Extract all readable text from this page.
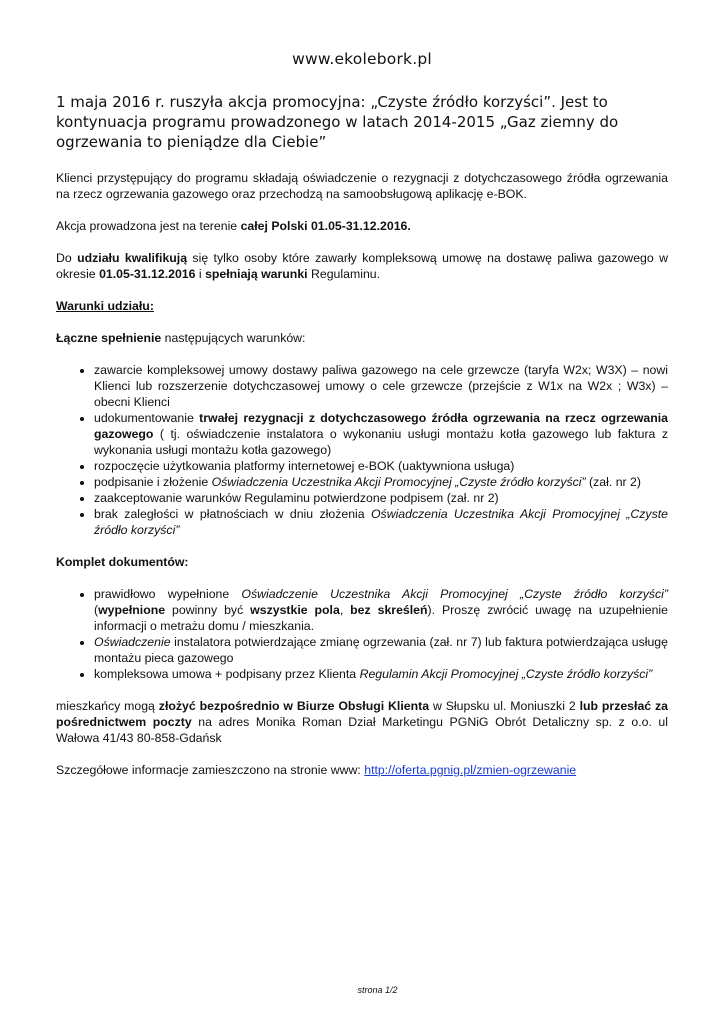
www.ekolebork.pl
1 maja 2016 r. ruszyła akcja promocyjna: „Czyste źródło korzyści”. Jest to kontynuacja programu prowadzonego w latach 2014-2015 „Gaz ziemny do ogrzewania to pieniądze dla Ciebie”

Klienci przystępujący do programu składają oświadczenie o rezygnacji z dotychczasowego źródła ogrzewania na rzecz ogrzewania gazowego oraz przechodzą na samoobsługową aplikację e-BOK.

Akcja prowadzona jest na terenie całej Polski 01.05-31.12.2016.

Do udziału kwalifikują się tylko osoby które zawarły kompleksową umowę na dostawę paliwa gazowego w okresie 01.05-31.12.2016 i spełniają warunki Regulaminu.

Warunki udziału:

Łączne spełnienie następujących warunków:

• zawarcie kompleksowej umowy dostawy paliwa gazowego na cele grzewcze (taryfa W2x; W3X) – nowi Klienci lub rozszerzenie dotychczasowej umowy o cele grzewcze (przejście z W1x na W2x ; W3x) – obecni Klienci
• udokumentowanie trwałej rezygnacji z dotychczasowego źródła ogrzewania na rzecz ogrzewania gazowego ( tj. oświadczenie instalatora o wykonaniu usługi montażu kotła gazowego lub faktura z wykonania usługi montażu kotła gazowego)
• rozpoczęcie użytkowania platformy internetowej e-BOK (uaktywniona usługa)
• podpisanie i złożenie Oświadczenia Uczestnika Akcji Promocyjnej „Czyste źródło korzyści” (zał. nr 2)
• zaakceptowanie warunków Regulaminu potwierdzone podpisem (zał. nr 2)
• brak zaległości w płatnościach w dniu złożenia Oświadczenia Uczestnika Akcji Promocyjnej „Czyste źródło korzyści”

Komplet dokumentów:

• prawidłowo wypełnione Oświadczenie Uczestnika Akcji Promocyjnej „Czyste źródło korzyści” (wypełnione powinny być wszystkie pola, bez skreśleń). Proszę zwrócić uwagę na uzupełnienie informacji o metrażu domu / mieszkania.
• Oświadczenie instalatora potwierdzające zmianę ogrzewania (zał. nr 7) lub faktura potwierdzająca usługę montażu pieca gazowego
• kompleksowa umowa + podpisany przez Klienta Regulamin Akcji Promocyjnej „Czyste źródło korzyści”

mieszkańcy mogą złożyć bezpośrednio w Biurze Obsługi Klienta w Słupsku ul. Moniuszki 2 lub przesłać za pośrednictwem poczty na adres Monika Roman Dział Marketingu PGNiG Obrót Detaliczny sp. z o.o. ul Wałowa 41/43 80-858-Gdańsk

Szczegółowe informacje zamieszczono na stronie www: http://oferta.pgnig.pl/zmien-ogrzewanie

strona 1/2
